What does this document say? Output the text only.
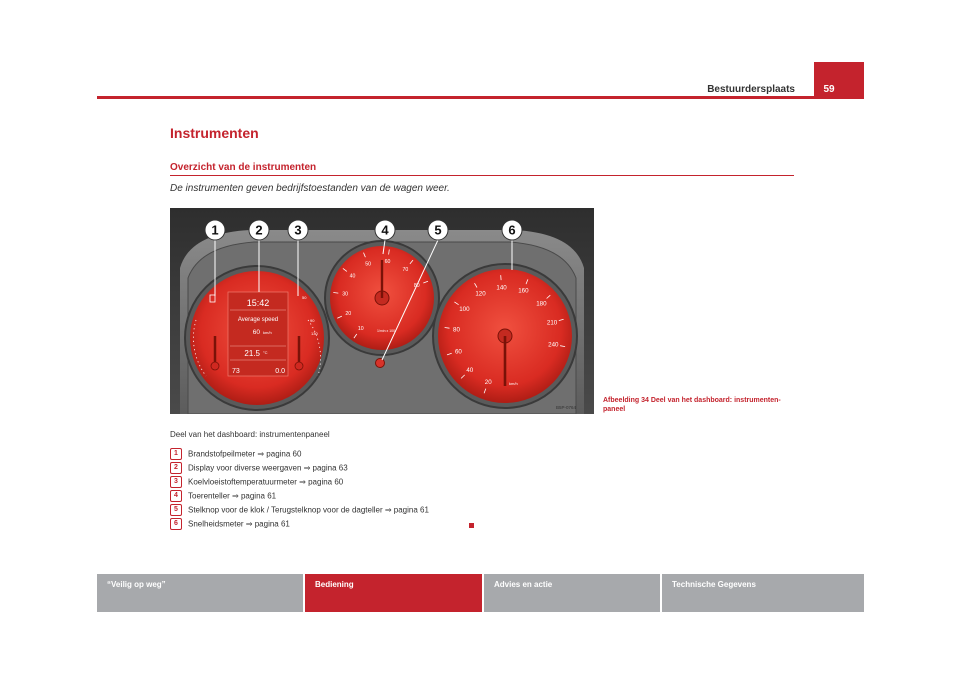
Bestuurdersplaats	59
Instrumenten
Overzicht van de instrumenten
De instrumenten geven bedrijfstoestanden van de wagen weer.
15:42
Average speed
60 km/h
21.5 °C
73	0.0
50
90
130
10
20
30
40
50	60
70
80
1/min x 100
20
40
60
80
100
120
140 160
180
210
240
km/h
1	2 3	4	5	6
B5P-0764
Afbeelding 34 Deel van het dashboard: instrumenten-paneel
Deel van het dashboard: instrumentenpaneel
1 Brandstofpeilmeter ⇒ pagina 60
2 Display voor diverse weergaven ⇒ pagina 63
3 Koelvloeistoftemperatuurmeter ⇒ pagina 60
4 Toerenteller ⇒ pagina 61
5 Stelknop voor de klok / Terugstelknop voor de dagteller ⇒ pagina 61
6 Snelheidsmeter ⇒ pagina 61
“Veilig op weg”	Bediening	Advies en actie	Technische Gegevens
